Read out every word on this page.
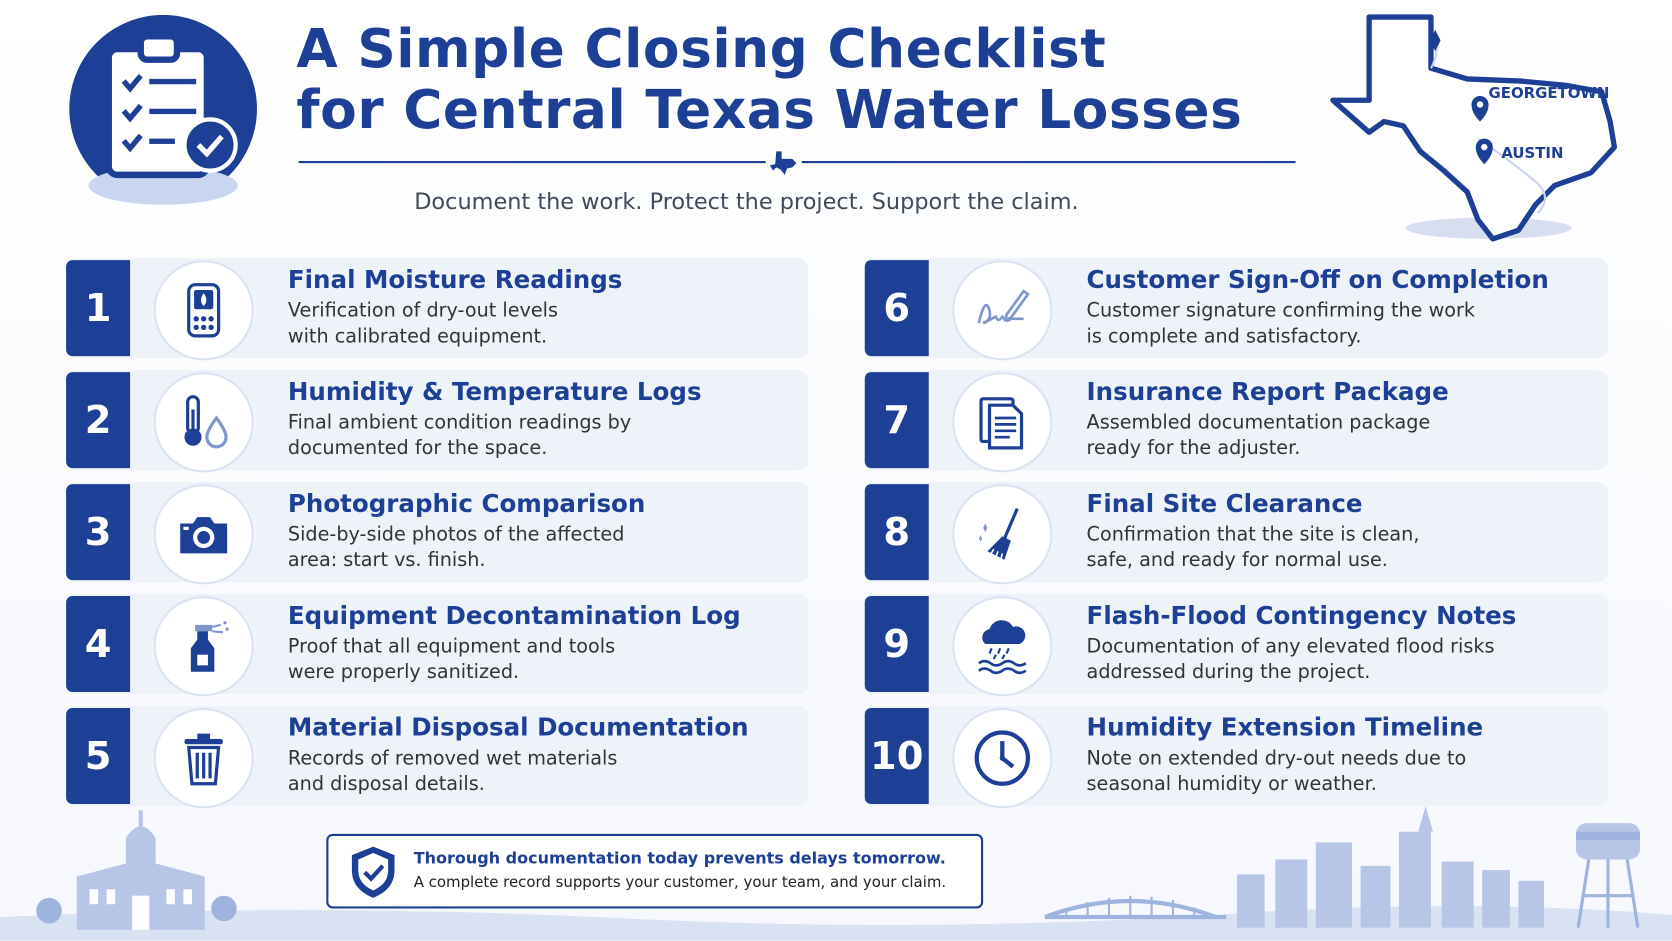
A Simple Closing Checklist
for Central Texas Water Losses
Document the work. Protect the project. Support the claim.
GEORGETOWN
AUSTIN
1
Final Moisture Readings
Verification of dry-out levels
with calibrated equipment.
2
Humidity & Temperature Logs
Final ambient condition readings by
documented for the space.
3
Photographic Comparison
Side-by-side photos of the affected
area: start vs. finish.
4
Equipment Decontamination Log
Proof that all equipment and tools
were properly sanitized.
5
Material Disposal Documentation
Records of removed wet materials
and disposal details.
6
Customer Sign-Off on Completion
Customer signature confirming the work
is complete and satisfactory.
7
Insurance Report Package
Assembled documentation package
ready for the adjuster.
8
Final Site Clearance
Confirmation that the site is clean,
safe, and ready for normal use.
9
Flash-Flood Contingency Notes
Documentation of any elevated flood risks
addressed during the project.
10
Humidity Extension Timeline
Note on extended dry-out needs due to
seasonal humidity or weather.
Thorough documentation today prevents delays tomorrow.
A complete record supports your customer, your team, and your claim.
